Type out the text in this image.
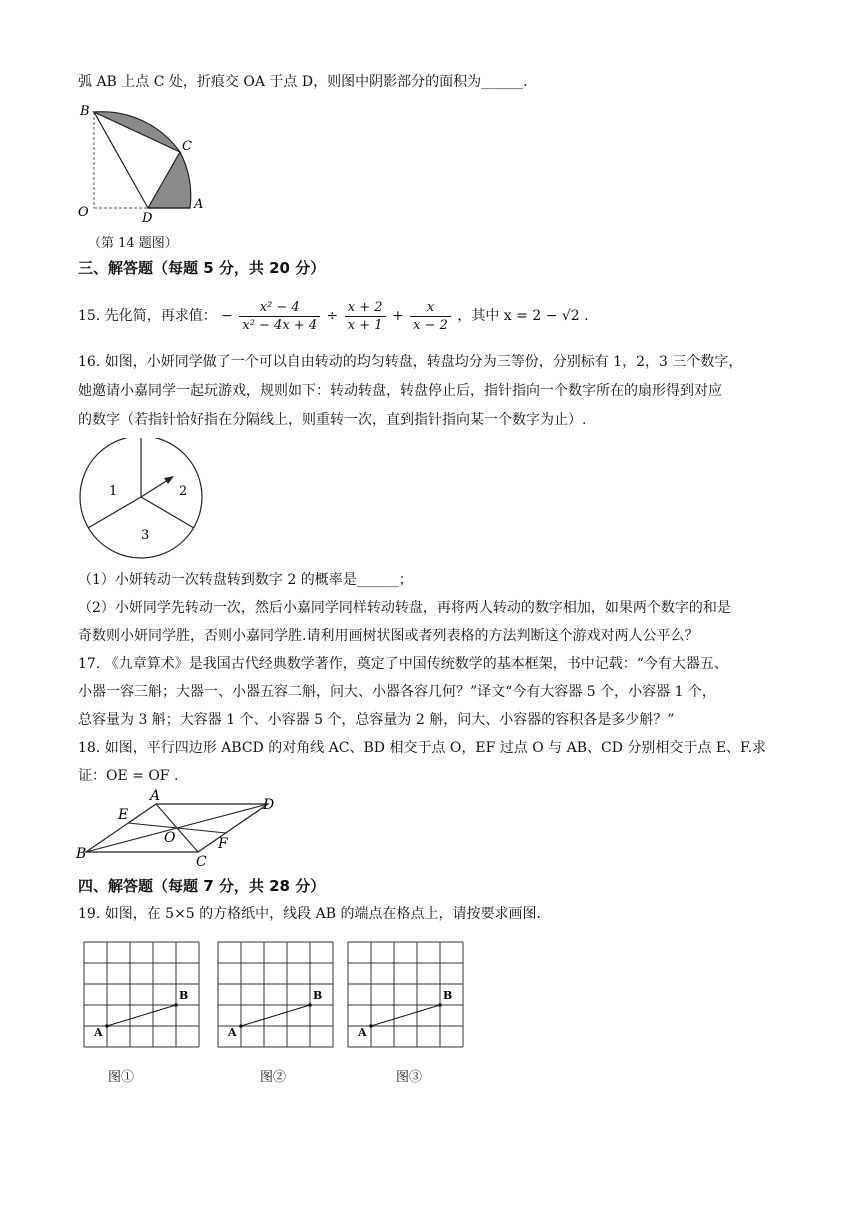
弧 AB 上点 C 处，折痕交 OA 于点 D，则图中阴影部分的面积为______.
B
C
O	D
A
（第 14 题图）
三、解答题（每题 5 分，共 20 分）
15. 先化简，再求值： − $\frac{\text{x² − 4}}{\text{x² − 4x + 4}} \div \frac{x + 2}{x + 1} + \frac{x}{x - 2}$ ，其中 x = 2 − √2 .
16. 如图，小妍同学做了一个可以自由转动的均匀转盘，转盘均分为三等份，分别标有 1，2，3 三个数字，
她邀请小嘉同学一起玩游戏，规则如下：转动转盘，转盘停止后，指针指向一个数字所在的扇形得到对应
的数字（若指针恰好指在分隔线上，则重转一次，直到指针指向某一个数字为止）.
1	2
3
（1）小妍转动一次转盘转到数字 2 的概率是______；
（2）小妍同学先转动一次，然后小嘉同学同样转动转盘，再将两人转动的数字相加，如果两个数字的和是
奇数则小妍同学胜，否则小嘉同学胜.请利用画树状图或者列表格的方法判断这个游戏对两人公平么？
17. 《九章算术》是我国古代经典数学著作，奠定了中国传统数学的基本框架，书中记载：“今有大器五、
小器一容三斛；大器一、小器五容二斛，问大、小器各容几何？”译文“今有大容器 5 个，小容器 1 个，
总容量为 3 斛；大容器 1 个、小容器 5 个，总容量为 2 斛，问大、小容器的容积各是多少斛？”
18. 如图，平行四边形 ABCD 的对角线 AC、BD 相交于点 O，EF 过点 O 与 AB、CD 分别相交于点 E、F.求
证：OE = OF .
A
B	C
D
E
F
O
四、解答题（每题 7 分，共 28 分）
19. 如图，在 5×5 的方格纸中，线段 AB 的端点在格点上，请按要求画图.
A
B
A
B
A
B
图①	图②	图③
